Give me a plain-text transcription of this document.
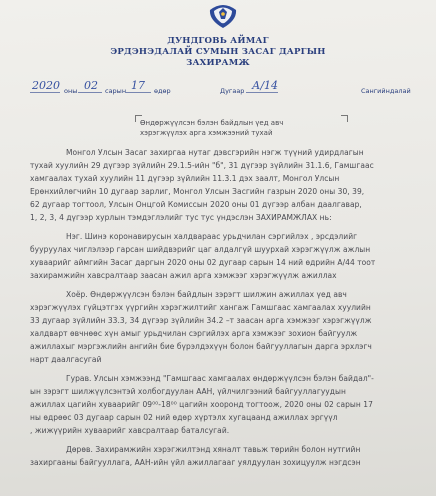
ДУНДГОВЬ АЙМАГ
ЭРДЭНЭДАЛАЙ СУМЫН ЗАСАГ ДАРГЫН
ЗАХИРАМЖ
2020 оны 02 сарын 17 өдөр	Дугаар А/14	Сангийндалай
Өндөржүүлсэн бэлэн байдлын үед авч
хэрэгжүүлэх арга хэмжээний тухай
Монгол Улсын Засаг захиргаа нутаг дэвсгэрийн нэгж түүний удирдлагын
тухай хуулийн 29 дүгээр зүйлийн 29.1.5-ийн "б", 31 дүгээр зүйлийн 31.1.6, Гамшгаас
хамгаалах тухай хуулийн 11 дүгээр зүйлийн 11.3.1 дэх заалт, Монгол Улсын
Ерөнхийлөгчийн 10 дугаар зарлиг, Монгол Улсын Засгийн газрын 2020 оны 30, 39,
62 дугаар тогтоол, Улсын Онцгой Комиссын 2020 оны 01 дүгээр албан даалгавар,
1, 2, 3, 4 дүгээр хурлын тэмдэглэлийг тус тус үндэслэн ЗАХИРАМЖЛАХ нь:
Нэг. Шинэ коронавирусын халдвараас урьдчилан сэргийлэх , эрсдэлийг
бууруулах чиглэлээр гарсан шийдвэрийг цаг алдалгүй шуурхай хэрэгжүүлж ажлын
хуваарийг аймгийн Засаг даргын 2020 оны 02 дугаар сарын 14 ний өдрийн А/44 тоот
захирамжийн хавсралтаар заасан ажил арга хэмжээг хэрэгжүүлж ажиллах
Хоёр. Өндөржүүлсэн бэлэн байдлын зэрэгт шилжин ажиллах үед авч
хэрэгжүүлэх гүйцэтгэх үүргийн хэрэгжилтийг хангаж Гамшгаас хамгаалах хуулийн
33 дугаар зүйлийн 33.3, 34 дүгээр зүйлийн 34.2 –т заасан арга хэмжээг хэрэгжүүлж
халдварт өвчнөөс хүн амыг урьдчилан сэргийлэх арга хэмжээг зохион байгуулж
ажиллахыг мэргэжлийн ангийн бие бүрэлдэхүүн болон байгууллагын дарга эрхлэгч
нарт даалгасугай
Гурав. Улсын хэмжээнд "Гамшгаас хамгаалах өндөржүүлсэн бэлэн байдал"-
ын зэрэгт шилжүүлсэнтэй холбогдуулан ААН, үйлчилгээний байгууллагуудын
ажиллах цагийн хуваарийг 09⁰⁰-18⁰⁰ цагийн хооронд тогтоож, 2020 оны 02 сарын 17
ны өдрөөс 03 дугаар сарын 02 ний өдөр хүртэлх хугацаанд ажиллах эргүүл
, жижүүрийн хуваарийг хавсралтаар баталсугай.
Дөрөв. Захирамжийн хэрэгжилтэнд хяналт тавьж төрийн болон нутгийн
захиргааны байгууллага, ААН-ийн үйл ажиллагааг уялдуулан зохицуулж нэгдсэн
